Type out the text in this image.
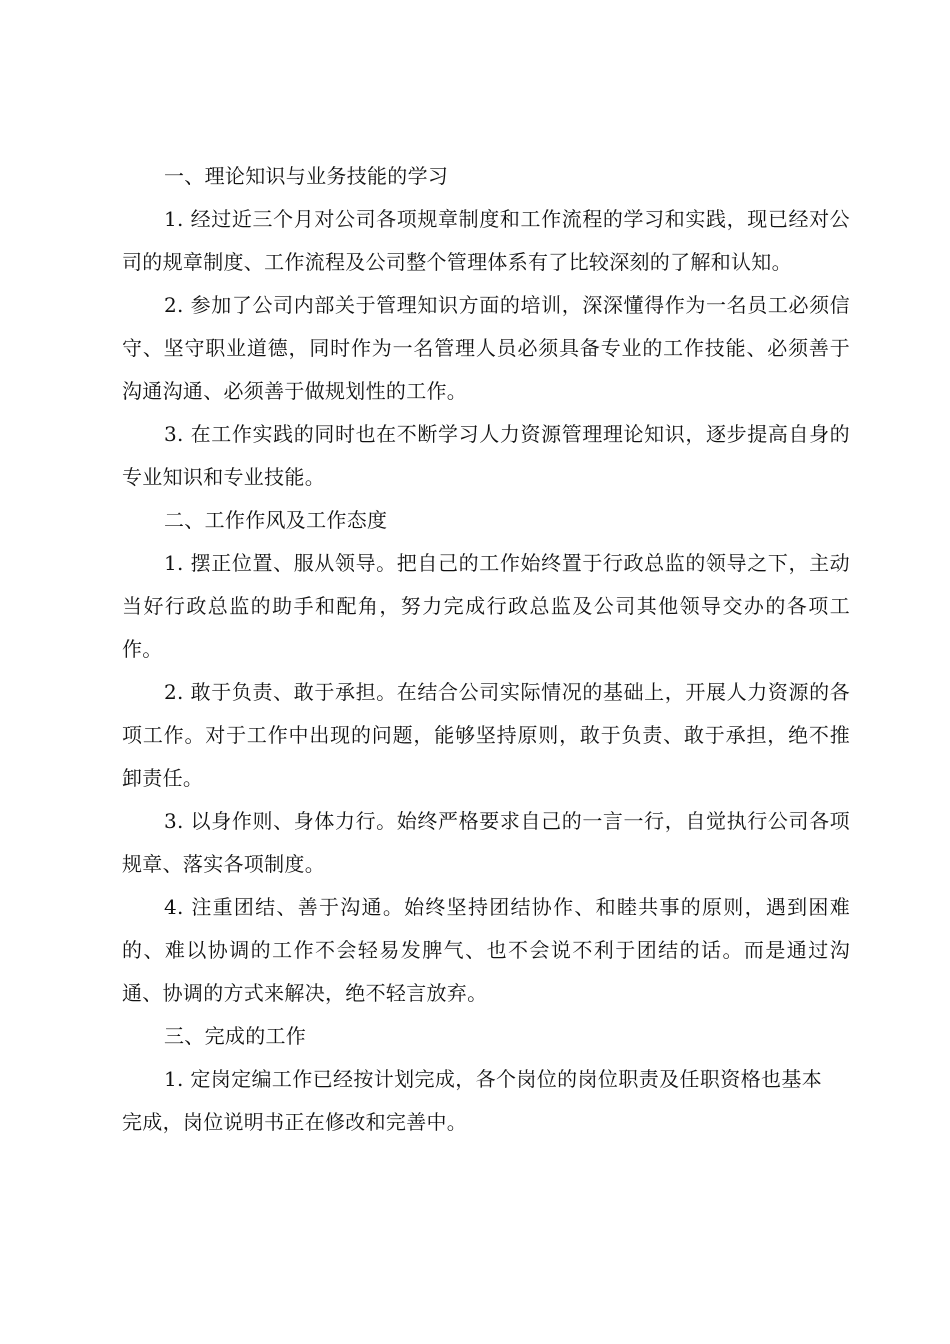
一、理论知识与业务技能的学习

1. 经过近三个月对公司各项规章制度和工作流程的学习和实践，现已经对公司的规章制度、工作流程及公司整个管理体系有了比较深刻的了解和认知。

2. 参加了公司内部关于管理知识方面的培训，深深懂得作为一名员工必须信守、坚守职业道德，同时作为一名管理人员必须具备专业的工作技能、必须善于沟通沟通、必须善于做规划性的工作。

3. 在工作实践的同时也在不断学习人力资源管理理论知识，逐步提高自身的专业知识和专业技能。

二、工作作风及工作态度

1. 摆正位置、服从领导。把自己的工作始终置于行政总监的领导之下，主动当好行政总监的助手和配角，努力完成行政总监及公司其他领导交办的各项工作。

2. 敢于负责、敢于承担。在结合公司实际情况的基础上，开展人力资源的各项工作。对于工作中出现的问题，能够坚持原则，敢于负责、敢于承担，绝不推卸责任。

3. 以身作则、身体力行。始终严格要求自己的一言一行，自觉执行公司各项规章、落实各项制度。

4. 注重团结、善于沟通。始终坚持团结协作、和睦共事的原则，遇到困难的、难以协调的工作不会轻易发脾气、也不会说不利于团结的话。而是通过沟通、协调的方式来解决，绝不轻言放弃。

三、完成的工作

1. 定岗定编工作已经按计划完成，各个岗位的岗位职责及任职资格也基本完成，岗位说明书正在修改和完善中。
